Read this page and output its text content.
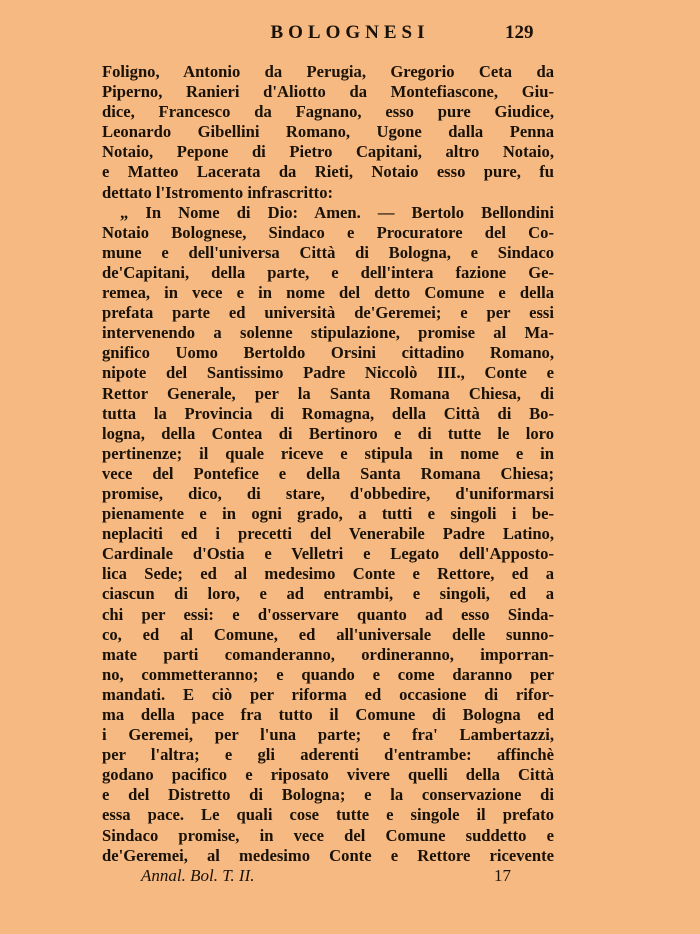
BOLOGNESI	129
Foligno, Antonio da Perugia, Gregorio Ceta da
Piperno, Ranieri d'Aliotto da Montefiascone, Giu-
dice, Francesco da Fagnano, esso pure Giudice,
Leonardo Gibellini Romano, Ugone dalla Penna
Notaio, Pepone di Pietro Capitani, altro Notaio,
e Matteo Lacerata da Rieti, Notaio esso pure, fu
dettato l'Istromento infrascritto:
„ In Nome di Dio: Amen. — Bertolo Bellondini
Notaio Bolognese, Sindaco e Procuratore del Co-
mune e dell'universa Città di Bologna, e Sindaco
de'Capitani, della parte, e dell'intera fazione Ge-
remea, in vece e in nome del detto Comune e della
prefata parte ed università de'Geremei; e per essi
intervenendo a solenne stipulazione, promise al Ma-
gnifico Uomo Bertoldo Orsini cittadino Romano,
nipote del Santissimo Padre Niccolò III., Conte e
Rettor Generale, per la Santa Romana Chiesa, di
tutta la Provincia di Romagna, della Città di Bo-
logna, della Contea di Bertinoro e di tutte le loro
pertinenze; il quale riceve e stipula in nome e in
vece del Pontefice e della Santa Romana Chiesa;
promise, dico, di stare, d'obbedire, d'uniformarsi
pienamente e in ogni grado, a tutti e singoli i be-
neplaciti ed i precetti del Venerabile Padre Latino,
Cardinale d'Ostia e Velletri e Legato dell'Apposto-
lica Sede; ed al medesimo Conte e Rettore, ed a
ciascun di loro, e ad entrambi, e singoli, ed a
chi per essi: e d'osservare quanto ad esso Sinda-
co, ed al Comune, ed all'universale delle sunno-
mate parti comanderanno, ordineranno, imporran-
no, commetteranno; e quando e come daranno per
mandati. E ciò per riforma ed occasione di rifor-
ma della pace fra tutto il Comune di Bologna ed
i Geremei, per l'una parte; e fra' Lambertazzi,
per l'altra; e gli aderenti d'entrambe: affinchè
godano pacifico e riposato vivere quelli della Città
e del Distretto di Bologna; e la conservazione di
essa pace. Le quali cose tutte e singole il prefato
Sindaco promise, in vece del Comune suddetto e
de'Geremei, al medesimo Conte e Rettore ricevente
Annal. Bol. T. II.	17
